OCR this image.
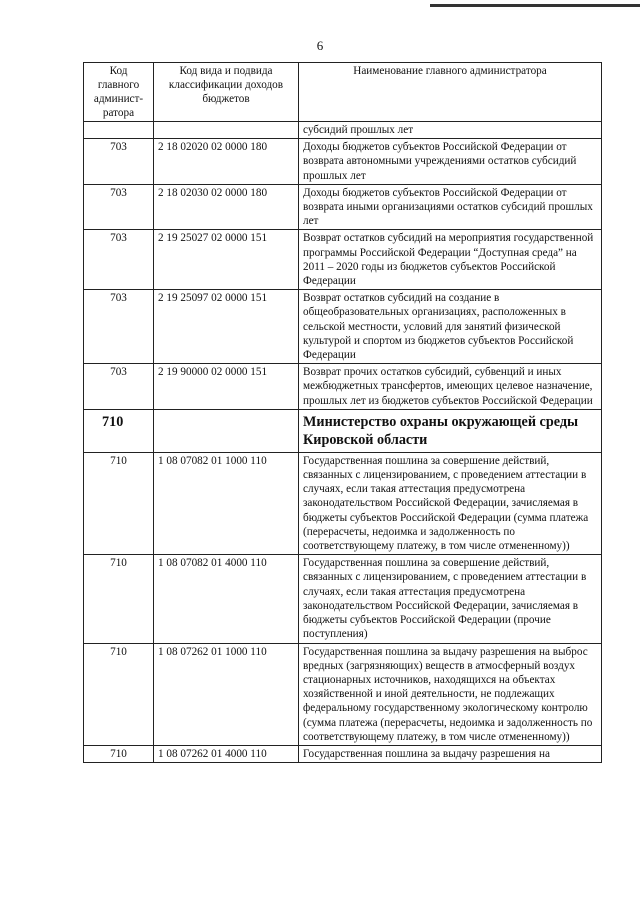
6
Код главного админист-ратора	Код вида и подвида классификации доходов бюджетов	Наименование главного администратора
		субсидий прошлых лет
703	2 18 02020 02 0000 180	Доходы бюджетов субъектов Российской Федерации от возврата автономными учреждениями остатков субсидий прошлых лет
703	2 18 02030 02 0000 180	Доходы бюджетов субъектов Российской Федерации от возврата иными организациями остатков субсидий прошлых лет
703	2 19 25027 02 0000 151	Возврат остатков субсидий на мероприятия государственной программы Российской Федерации “Доступная среда” на 2011 – 2020 годы из бюджетов субъектов Российской Федерации
703	2 19 25097 02 0000 151	Возврат остатков субсидий на создание в общеобразовательных организациях, расположенных в сельской местности, условий для занятий физической культурой и спортом из бюджетов субъектов Российской Федерации
703	2 19 90000 02 0000 151	Возврат прочих остатков субсидий, субвенций и иных межбюджетных трансфертов, имеющих целевое назначение, прошлых лет из бюджетов субъектов Российской Федерации
710		Министерство охраны окружающей среды Кировской области
710	1 08 07082 01 1000 110	Государственная пошлина за совершение действий, связанных с лицензированием, с проведением аттестации в случаях, если такая аттестация предусмотрена законодательством Российской Федерации, зачисляемая в бюджеты субъектов Российской Федерации (сумма платежа (перерасчеты, недоимка и задолженность по соответствующему платежу, в том числе отмененному))
710	1 08 07082 01 4000 110	Государственная пошлина за совершение действий, связанных с лицензированием, с проведением аттестации в случаях, если такая аттестация предусмотрена законодательством Российской Федерации, зачисляемая в бюджеты субъектов Российской Федерации (прочие поступления)
710	1 08 07262 01 1000 110	Государственная пошлина за выдачу разрешения на выброс вредных (загрязняющих) веществ в атмосферный воздух стационарных источников, находящихся на объектах хозяйственной и иной деятельности, не подлежащих федеральному государственному экологическому контролю (сумма платежа (перерасчеты, недоимка и задолженность по соответствующему платежу, в том числе отмененному))
710	1 08 07262 01 4000 110	Государственная пошлина за выдачу разрешения на
